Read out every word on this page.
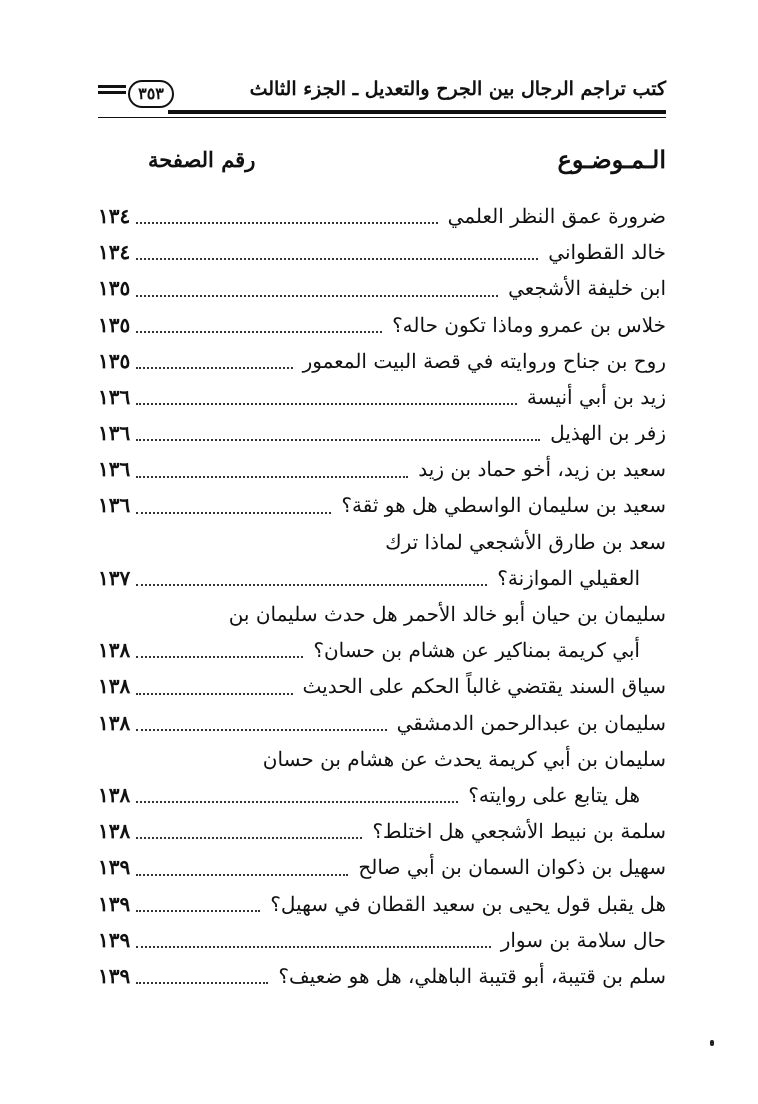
كتب تراجم الرجال بين الجرح والتعديل ـ الجزء الثالث
٣٥٣
الـمـوضـوع
رقم الصفحة
ضرورة عمق النظر العلمي
١٣٤
خالد القطواني
١٣٤
ابن خليفة الأشجعي
١٣٥
خلاس بن عمرو وماذا تكون حاله؟
١٣٥
روح بن جناح وروايته في قصة البيت المعمور
١٣٥
زيد بن أبي أنيسة
١٣٦
زفر بن الهذيل
١٣٦
سعيد بن زيد، أخو حماد بن زيد
١٣٦
سعيد بن سليمان الواسطي هل هو ثقة؟
١٣٦
سعد بن طارق الأشجعي لماذا ترك
العقيلي الموازنة؟
١٣٧
سليمان بن حيان أبو خالد الأحمر هل حدث سليمان بن
أبي كريمة بمناكير عن هشام بن حسان؟
١٣٨
سياق السند يقتضي غالباً الحكم على الحديث
١٣٨
سليمان بن عبدالرحمن الدمشقي
١٣٨
سليمان بن أبي كريمة يحدث عن هشام بن حسان
هل يتابع على روايته؟
١٣٨
سلمة بن نبيط الأشجعي هل اختلط؟
١٣٨
سهيل بن ذكوان السمان بن أبي صالح
١٣٩
هل يقبل قول يحيى بن سعيد القطان في سهيل؟
١٣٩
حال سلامة بن سوار
١٣٩
سلم بن قتيبة، أبو قتيبة الباهلي، هل هو ضعيف؟
١٣٩
